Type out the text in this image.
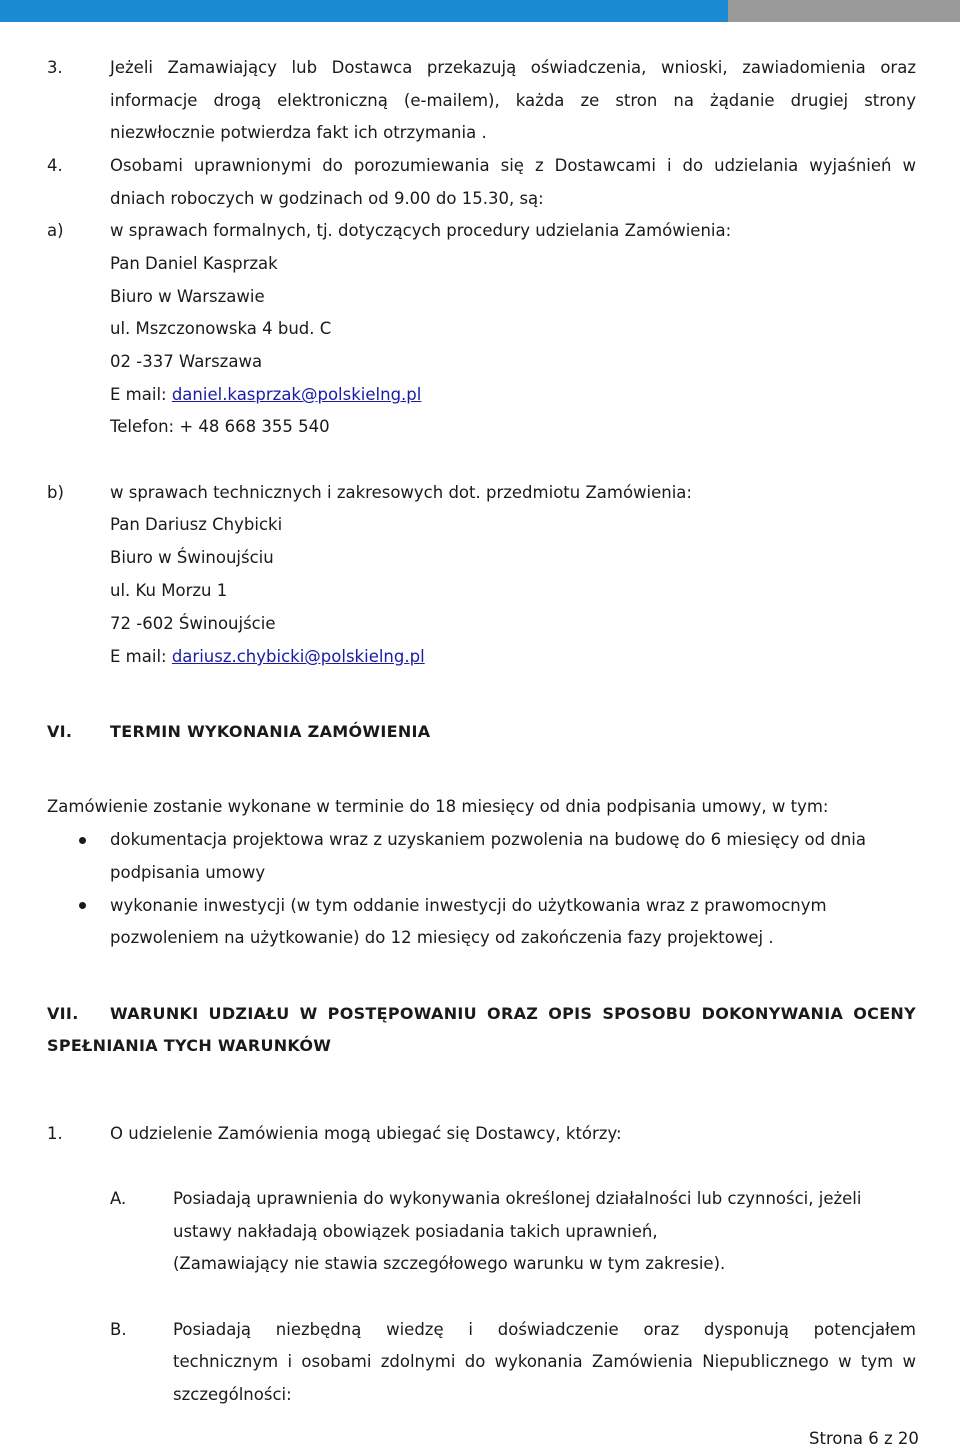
3.	Jeżeli Zamawiający lub Dostawca przekazują oświadczenia, wnioski, zawiadomienia oraz
informacje drogą elektroniczną (e-mailem), każda ze stron na żądanie drugiej strony
niezwłocznie potwierdza fakt ich otrzymania .
4.	Osobami uprawnionymi do porozumiewania się z Dostawcami i do udzielania wyjaśnień w
dniach roboczych w godzinach od 9.00 do 15.30, są:
a)	w sprawach formalnych, tj. dotyczących procedury udzielania Zamówienia:
Pan Daniel Kasprzak
Biuro w Warszawie
ul. Mszczonowska 4 bud. C
02 -337 Warszawa
E mail: daniel.kasprzak@polskielng.pl
Telefon: + 48 668 355 540
b)	w sprawach technicznych i zakresowych dot. przedmiotu Zamówienia:
Pan Dariusz Chybicki
Biuro w Świnoujściu
ul. Ku Morzu 1
72 -602 Świnoujście
E mail: dariusz.chybicki@polskielng.pl
VI. TERMIN WYKONANIA ZAMÓWIENIA
Zamówienie zostanie wykonane w terminie do 18 miesięcy od dnia podpisania umowy, w tym:
dokumentacja projektowa wraz z uzyskaniem pozwolenia na budowę do 6 miesięcy od dnia
podpisania umowy
wykonanie inwestycji (w tym oddanie inwestycji do użytkowania wraz z prawomocnym
pozwoleniem na użytkowanie) do 12 miesięcy od zakończenia fazy projektowej .
VII. WARUNKI UDZIAŁU W POSTĘPOWANIU ORAZ OPIS SPOSOBU DOKONYWANIA OCENY
SPEŁNIANIA TYCH WARUNKÓW
1.	O udzielenie Zamówienia mogą ubiegać się Dostawcy, którzy:
A.	Posiadają uprawnienia do wykonywania określonej działalności lub czynności, jeżeli
ustawy nakładają obowiązek posiadania takich uprawnień,
(Zamawiający nie stawia szczegółowego warunku w tym zakresie).
B.	Posiadają niezbędną wiedzę i doświadczenie oraz dysponują potencjałem
technicznym i osobami zdolnymi do wykonania Zamówienia Niepublicznego w tym w
szczególności:
Strona 6 z 20
